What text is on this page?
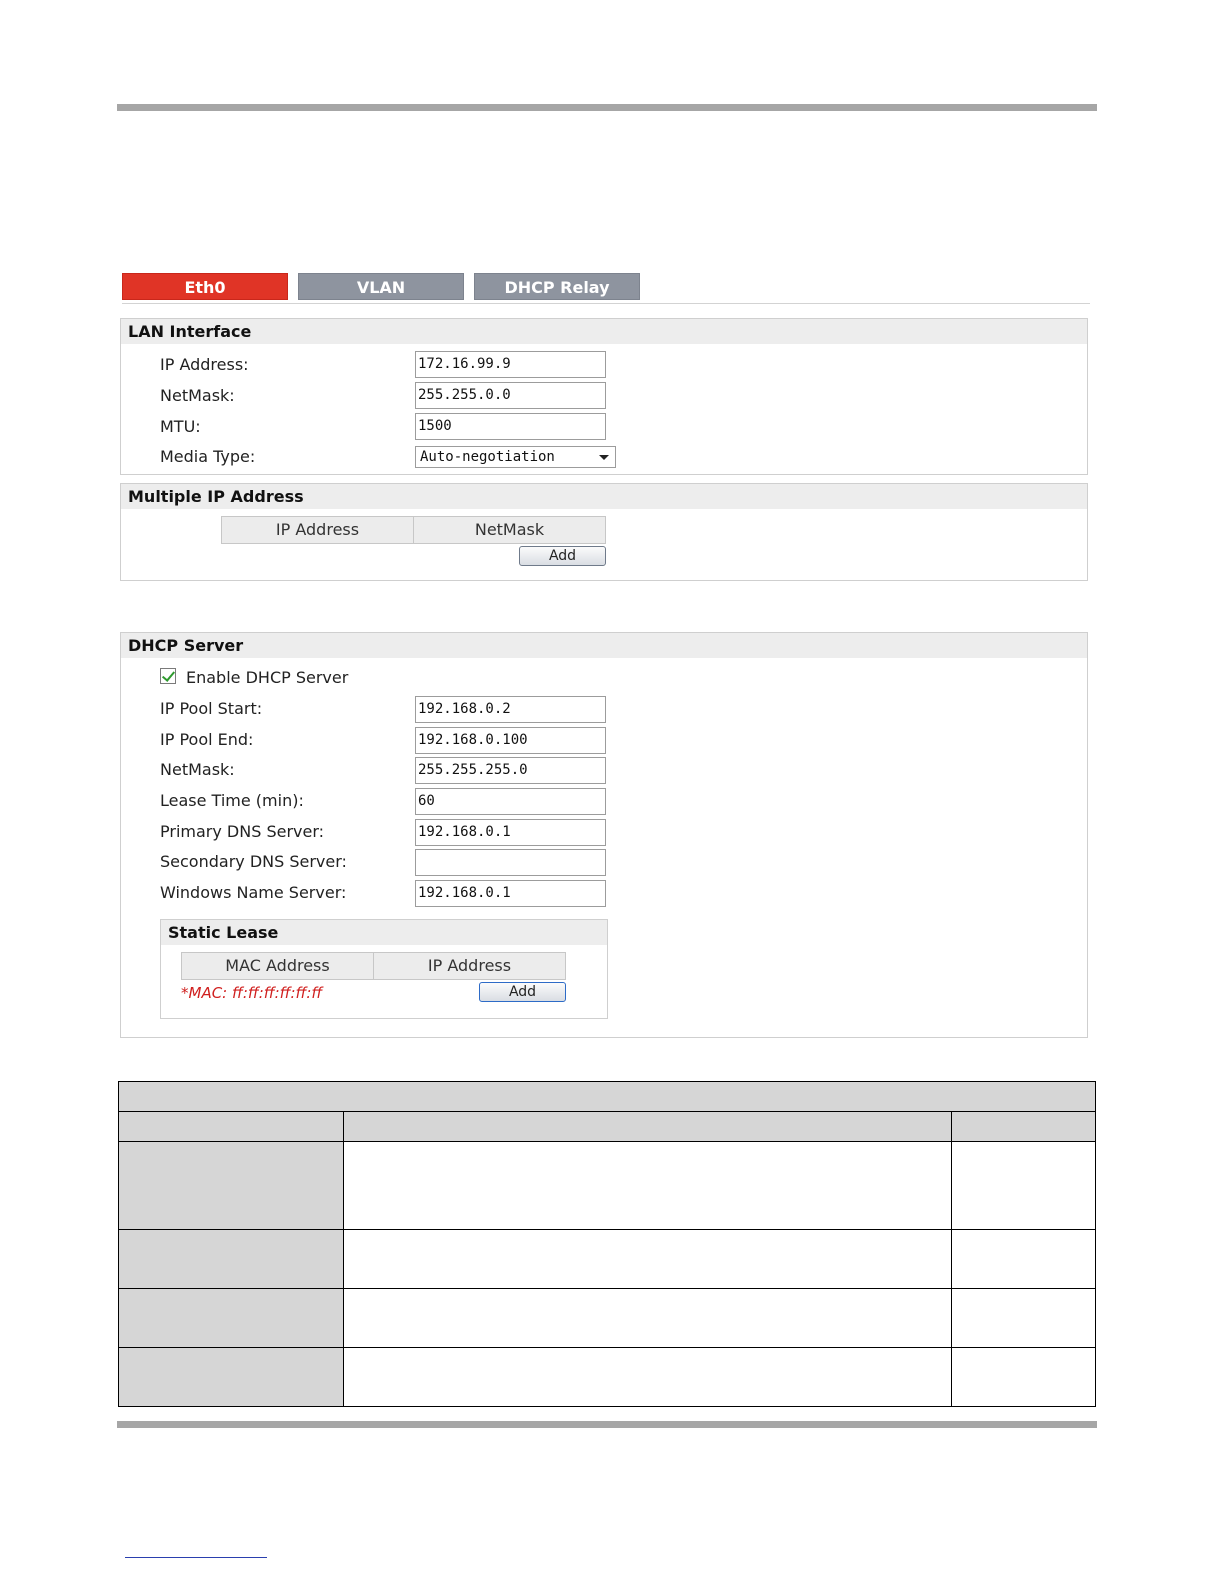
Eth0	VLAN	DHCP Relay
LAN Interface
IP Address:	172.16.99.9
NetMask:	255.255.0.0
MTU:	1500
Media Type:	Auto-negotiation
Multiple IP Address
IP Address	NetMask
Add
DHCP Server
Enable DHCP Server
IP Pool Start:	192.168.0.2
IP Pool End:	192.168.0.100
NetMask:	255.255.255.0
Lease Time (min):	60
Primary DNS Server:	192.168.0.1
Secondary DNS Server:
Windows Name Server:	192.168.0.1
Static Lease
MAC Address	IP Address
*MAC: ff:ff:ff:ff:ff:ff	Add
